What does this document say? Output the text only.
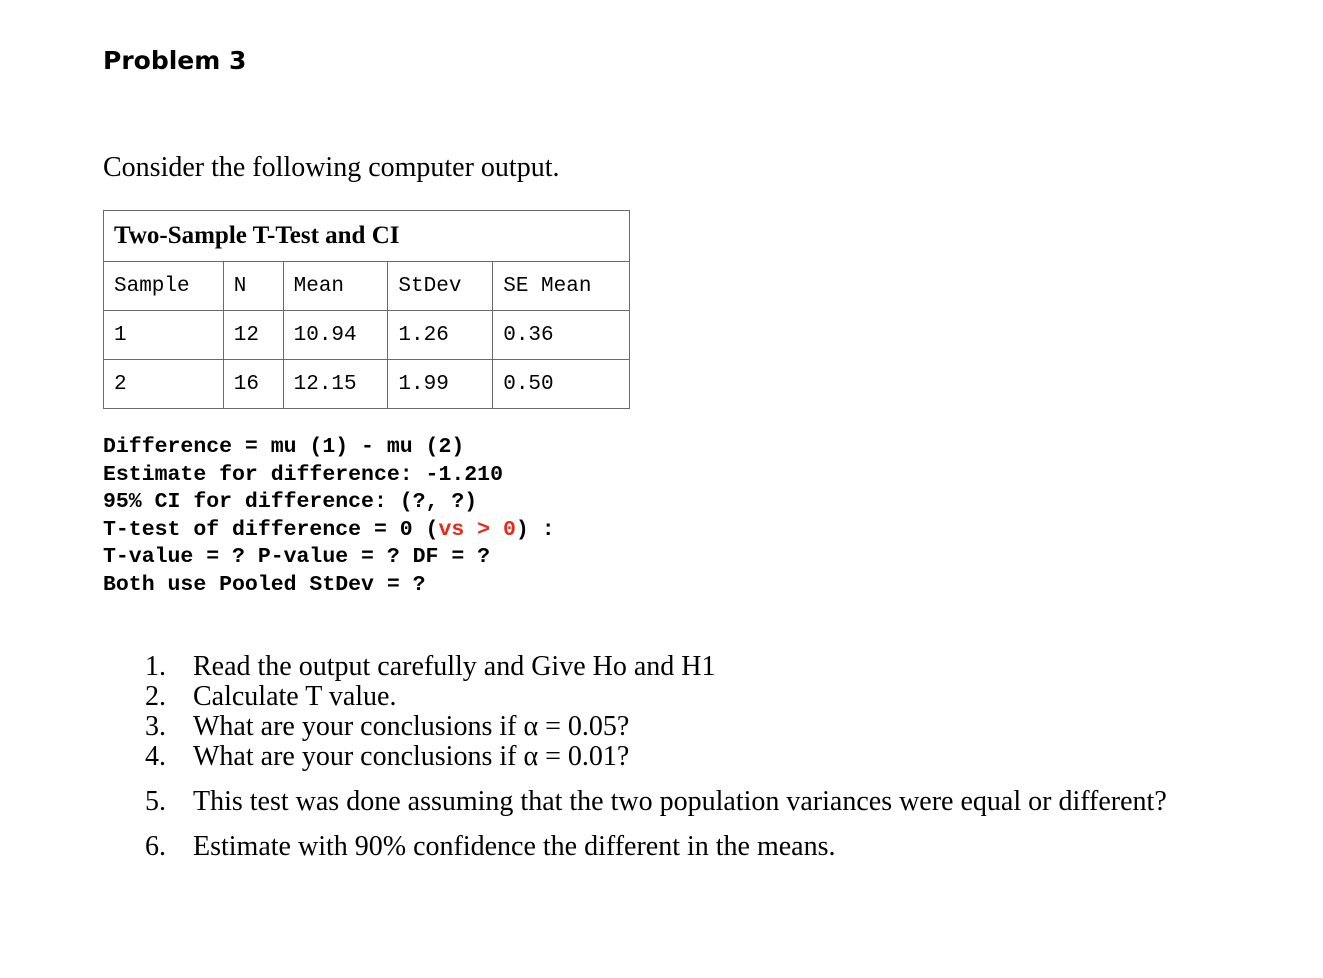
Problem 3
Consider the following computer output.
Two-Sample T-Test and CI				
Sample	N	Mean	StDev	SE Mean
1	12	10.94	1.26	0.36
2	16	12.15	1.99	0.50
Difference = mu (1) - mu (2)
Estimate for difference: -1.210
95% CI for difference: (?, ?)
T-test of difference = 0 (vs > 0) :
T-value = ? P-value = ? DF = ?
Both use Pooled StDev = ?
1. Read the output carefully and Give Ho and H1
2. Calculate T value.
3. What are your conclusions if α = 0.05?
4. What are your conclusions if α = 0.01?
5. This test was done assuming that the two population variances were equal or different?
6. Estimate with 90% confidence the different in the means.
